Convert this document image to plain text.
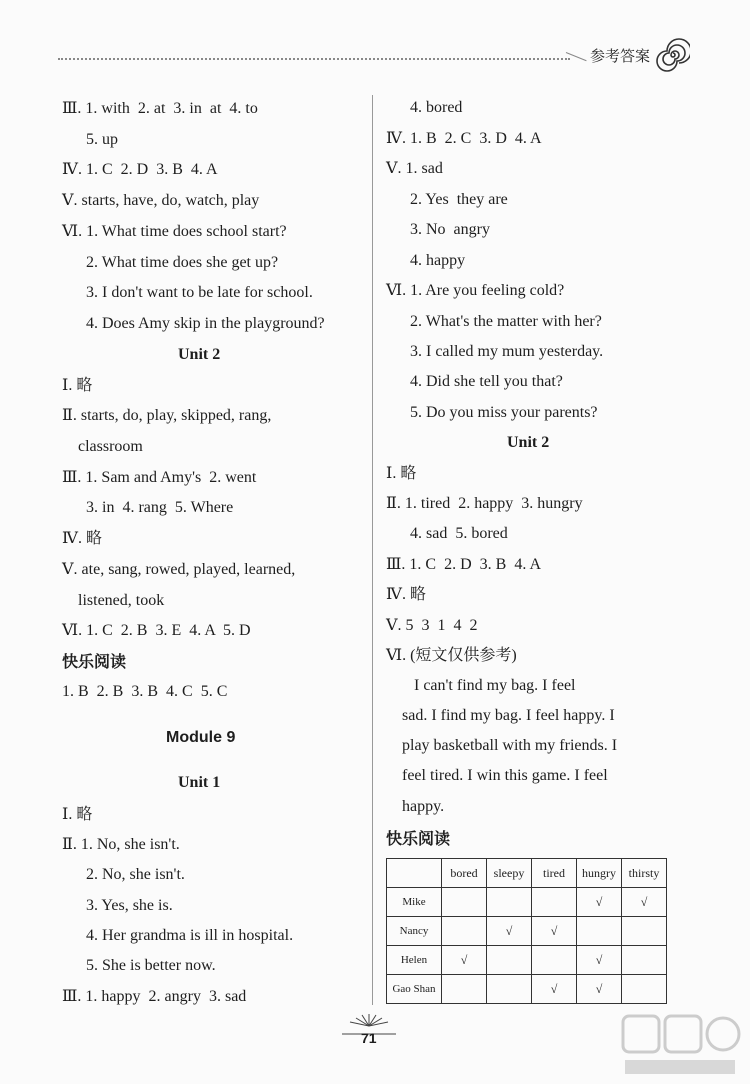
参考答案
Ⅲ. 1. with  2. at  3. in  at  4. to
5. up
Ⅳ. 1. C  2. D  3. B  4. A
Ⅴ. starts, have, do, watch, play
Ⅵ. 1. What time does school start?
2. What time does she get up?
3. I don't want to be late for school.
4. Does Amy skip in the playground?
Unit 2
Ⅰ. 略
Ⅱ. starts, do, play, skipped, rang,
classroom
Ⅲ. 1. Sam and Amy's  2. went
3. in  4. rang  5. Where
Ⅳ. 略
Ⅴ. ate, sang, rowed, played, learned,
listened, took
Ⅵ. 1. C  2. B  3. E  4. A  5. D
快乐阅读
1. B  2. B  3. B  4. C  5. C
Module 9
Unit 1
Ⅰ. 略
Ⅱ. 1. No, she isn't.
2. No, she isn't.
3. Yes, she is.
4. Her grandma is ill in hospital.
5. She is better now.
Ⅲ. 1. happy  2. angry  3. sad
4. bored
Ⅳ. 1. B  2. C  3. D  4. A
Ⅴ. 1. sad
2. Yes  they are
3. No  angry
4. happy
Ⅵ. 1. Are you feeling cold?
2. What's the matter with her?
3. I called my mum yesterday.
4. Did she tell you that?
5. Do you miss your parents?
Unit 2
Ⅰ. 略
Ⅱ. 1. tired  2. happy  3. hungry
4. sad  5. bored
Ⅲ. 1. C  2. D  3. B  4. A
Ⅳ. 略
Ⅴ. 5  3  1  4  2
Ⅵ. (短文仅供参考)
I can't find my bag. I feel
sad. I find my bag. I feel happy. I
play basketball with my friends. I
feel tired. I win this game. I feel
happy.
快乐阅读
	bored	sleepy	tired	hungry	thirsty
Mike				√	√
Nancy		√	√		
Helen	√			√	
Gao Shan			√	√	
71
